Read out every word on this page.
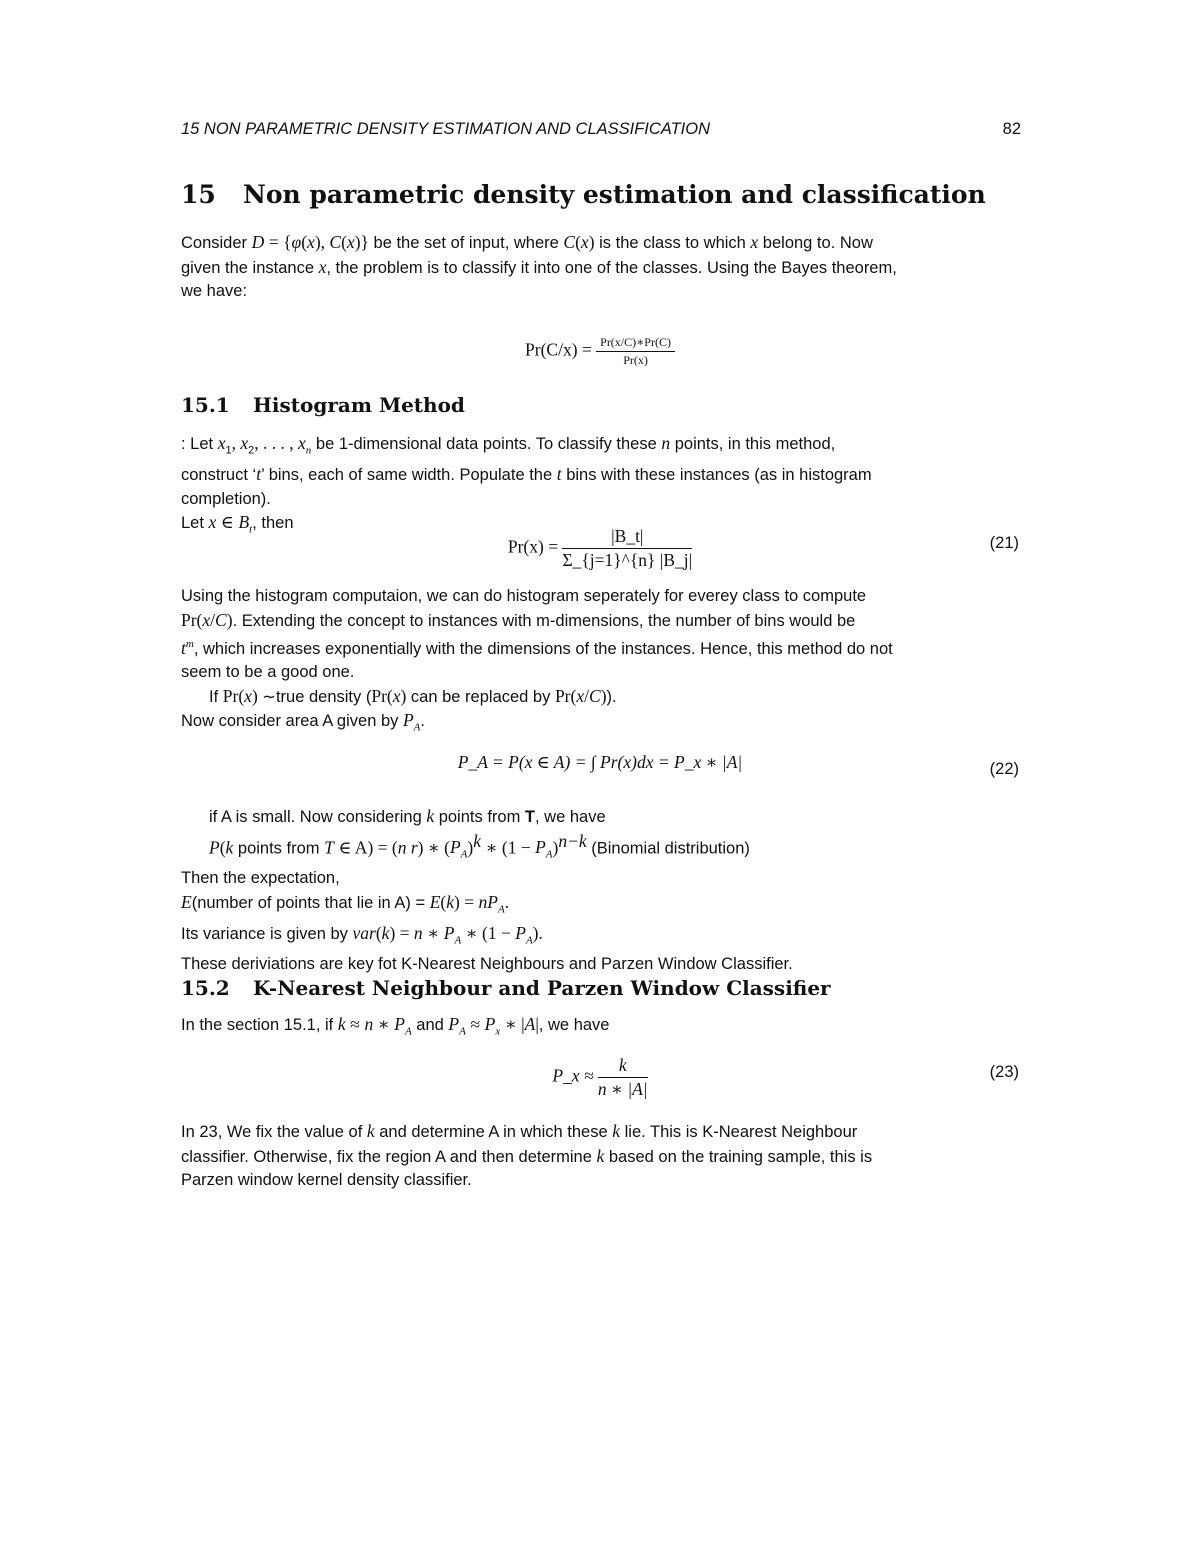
15 NON PARAMETRIC DENSITY ESTIMATION AND CLASSIFICATION	82
15 Non parametric density estimation and classification
Consider D = {φ(x), C(x)} be the set of input, where C(x) is the class to which x belong to. Now
given the instance x, the problem is to classify it into one of the classes. Using the Bayes theorem,
we have:
$Pr(C/x) = \frac{Pr(x/C)∗Pr(C)}{Pr(x)}$
15.1 Histogram Method
: Let $x_1$, $x_2$, . . . , $x_n$ be 1-dimensional data points. To classify these n points, in this method,
construct ‘t’ bins, each of same width. Populate the t bins with these instances (as in histogram
completion).
Let x ∈ $B_t$, then
$Pr(x) = \frac{|B\_t|}{\Sigma\_\{j=1\}\^{}\{n\} |B\_j|}$	(21)
Using the histogram computaion, we can do histogram seperately for everey class to compute
Pr(x/C). Extending the concept to instances with m-dimensions, the number of bins would be
$t^m$, which increases exponentially with the dimensions of the instances. Hence, this method do not
seem to be a good one.
If Pr(x) ∼true density (Pr(x) can be replaced by Pr(x/C)).
Now consider area A given by $P_A$.
P_A = P(x ∈ A) = ∫ Pr(x)dx = P_x ∗ |A|	(22)
if A is small. Now considering k points from T, we have
P(k points from T ∈ A) = (n r) ∗ $(P_A)^k$ ∗ $(1 - P_A)^{n-k}$ (Binomial distribution)
Then the expectation,
E(number of points that lie in $A) = E(k) = nP_A$.
Its variance is given by var(k) = n ∗ $P_A$ ∗ $(1 - P_A)$.
These deriviations are key fot K-Nearest Neighbours and Parzen Window Classifier.
15.2 K-Nearest Neighbour and Parzen Window Classifier
In the section 15.1, if k ≈ n ∗ $P_A$ and $P_A \approx P_x$ ∗ |A|, we have
P_x ≈ $\frac{k}{n ∗ |A|}$	(23)
In 23, We fix the value of k and determine A in which these k lie. This is K-Nearest Neighbour
classifier. Otherwise, fix the region A and then determine k based on the training sample, this is
Parzen window kernel density classifier.
